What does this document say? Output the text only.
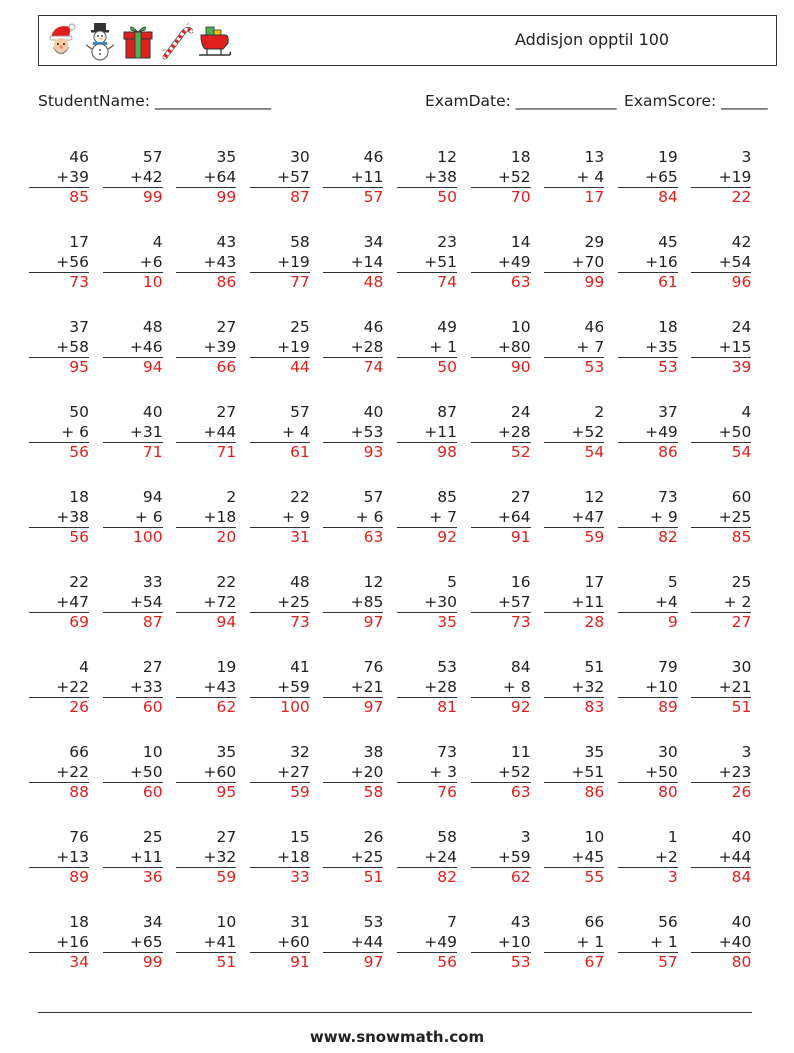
Addisjon opptil 100
StudentName: _______________	ExamDate: _____________ ExamScore: ______
46
+39
85
57
+42
99
35
+64
99
30
+57
87
46
+11
57
12
+38
50
18
+52
70
13
+ 4
17
19
+65
84
3
+19
22
17
+56
73
4
+6
10
43
+43
86
58
+19
77
34
+14
48
23
+51
74
14
+49
63
29
+70
99
45
+16
61
42
+54
96
37
+58
95
48
+46
94
27
+39
66
25
+19
44
46
+28
74
49
+ 1
50
10
+80
90
46
+ 7
53
18
+35
53
24
+15
39
50
+ 6
56
40
+31
71
27
+44
71
57
+ 4
61
40
+53
93
87
+11
98
24
+28
52
2
+52
54
37
+49
86
4
+50
54
18
+38
56
94
+ 6
100
2
+18
20
22
+ 9
31
57
+ 6
63
85
+ 7
92
27
+64
91
12
+47
59
73
+ 9
82
60
+25
85
22
+47
69
33
+54
87
22
+72
94
48
+25
73
12
+85
97
5
+30
35
16
+57
73
17
+11
28
5
+4
9
25
+ 2
27
4
+22
26
27
+33
60
19
+43
62
41
+59
100
76
+21
97
53
+28
81
84
+ 8
92
51
+32
83
79
+10
89
30
+21
51
66
+22
88
10
+50
60
35
+60
95
32
+27
59
38
+20
58
73
+ 3
76
11
+52
63
35
+51
86
30
+50
80
3
+23
26
76
+13
89
25
+11
36
27
+32
59
15
+18
33
26
+25
51
58
+24
82
3
+59
62
10
+45
55
1
+2
3
40
+44
84
18
+16
34
34
+65
99
10
+41
51
31
+60
91
53
+44
97
7
+49
56
43
+10
53
66
+ 1
67
56
+ 1
57
40
+40
80
www.snowmath.com
